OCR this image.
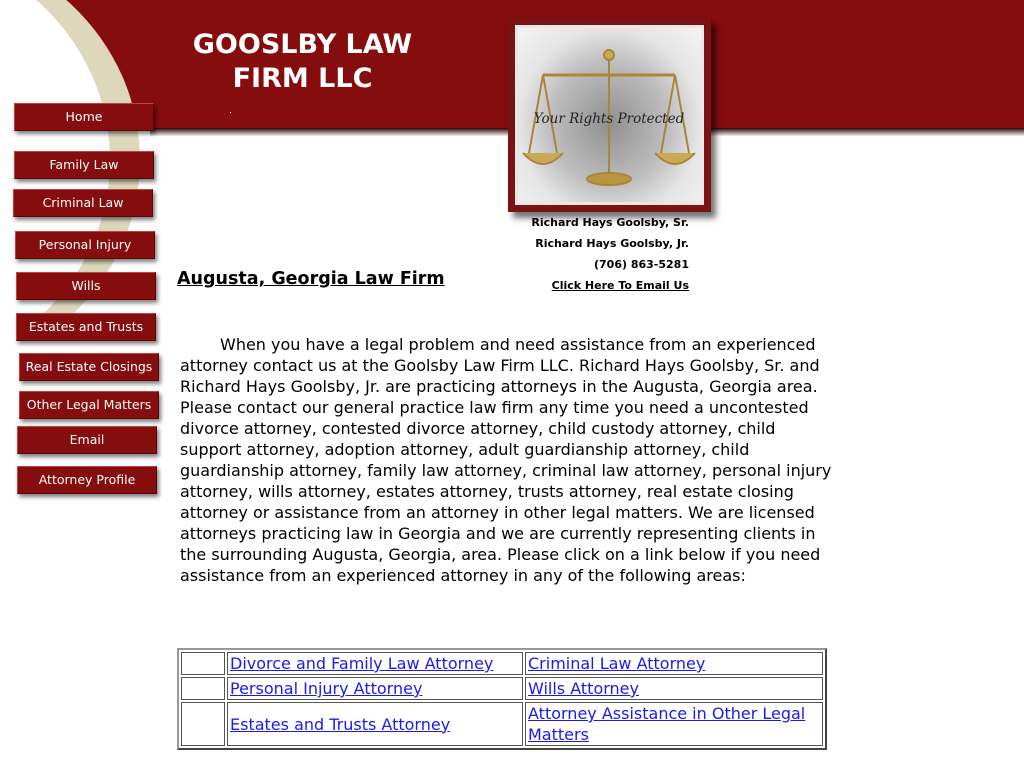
GOOSLBY LAW
FIRM LLC
Your Rights Protected
Home
Family Law
Criminal Law
Personal Injury
Wills
Estates and Trusts
Real Estate Closings
Other Legal Matters
Email
Attorney Profile
Richard Hays Goolsby, Sr.
Richard Hays Goolsby, Jr.
(706) 863-5281
Click Here To Email Us
Augusta, Georgia Law Firm

When you have a legal problem and need assistance from an experienced attorney contact us at the Goolsby Law Firm LLC. Richard Hays Goolsby, Sr. and Richard Hays Goolsby, Jr. are practicing attorneys in the Augusta, Georgia area. Please contact our general practice law firm any time you need a uncontested divorce attorney, contested divorce attorney, child custody attorney, child support attorney, adoption attorney, adult guardianship attorney, child guardianship attorney, family law attorney, criminal law attorney, personal injury attorney, wills attorney, estates attorney, trusts attorney, real estate closing attorney or assistance from an attorney in other legal matters. We are licensed attorneys practicing law in Georgia and we are currently representing clients in the surrounding Augusta, Georgia, area. Please click on a link below if you need assistance from an experienced attorney in any of the following areas:

	Divorce and Family Law Attorney	Criminal Law Attorney
	Personal Injury Attorney	Wills Attorney
	Estates and Trusts Attorney	Attorney Assistance in Other Legal Matters
